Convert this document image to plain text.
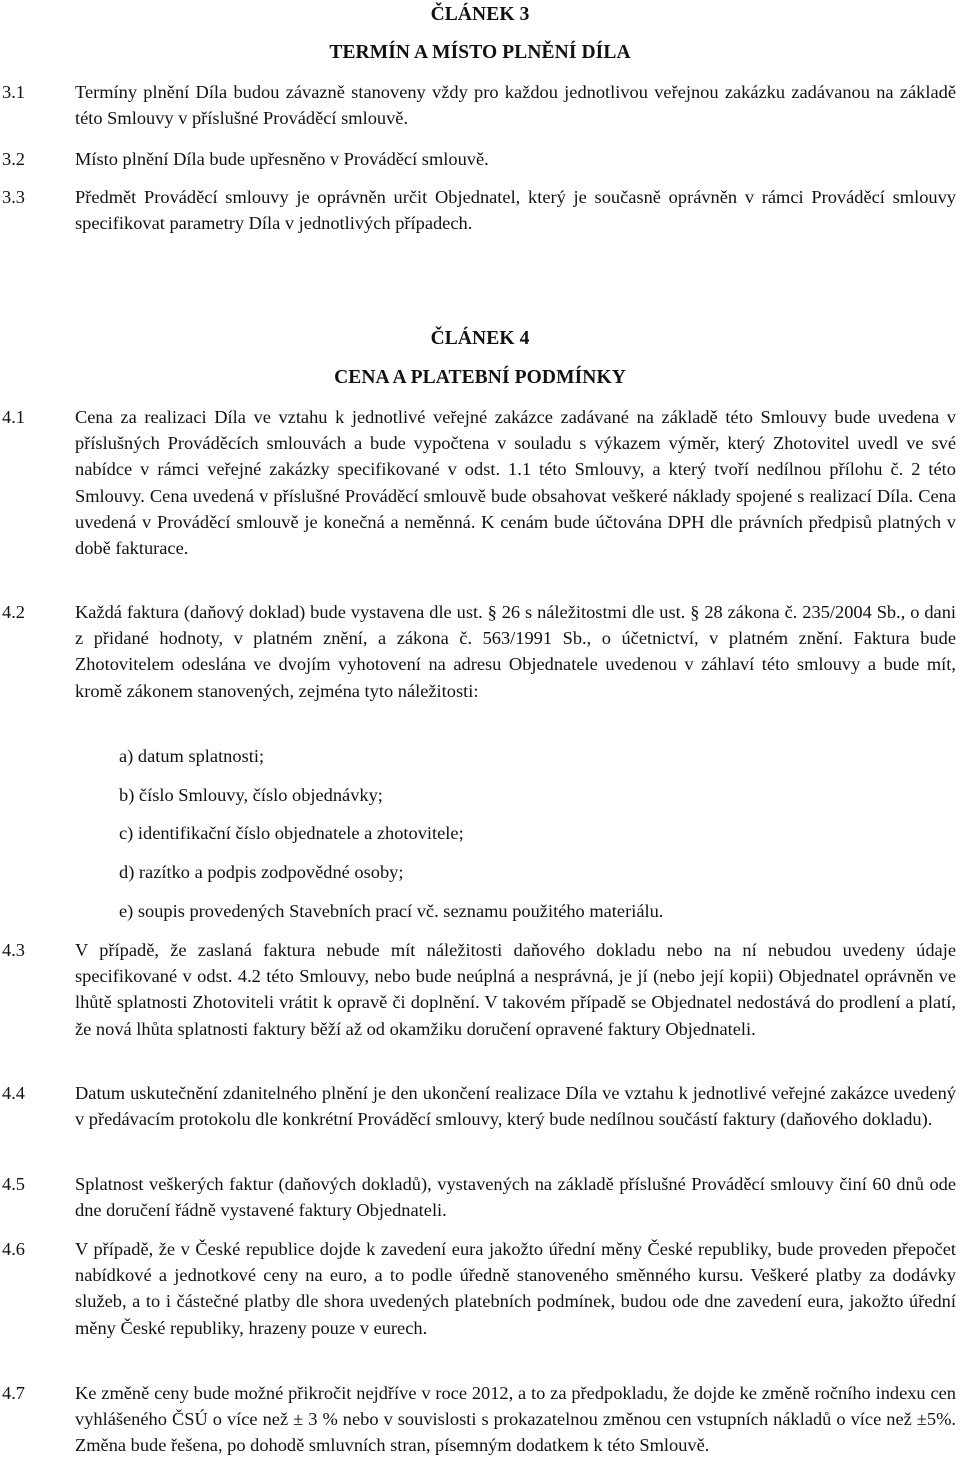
ČLÁNEK 3
TERMÍN A MÍSTO PLNĚNÍ DÍLA
3.1	Termíny plnění Díla budou závazně stanoveny vždy pro každou jednotlivou veřejnou zakázku zadávanou na základě této Smlouvy v příslušné Prováděcí smlouvě.
3.2	Místo plnění Díla bude upřesněno v Prováděcí smlouvě.
3.3	Předmět Prováděcí smlouvy je oprávněn určit Objednatel, který je současně oprávněn v rámci Prováděcí smlouvy specifikovat parametry Díla v jednotlivých případech.
ČLÁNEK 4
CENA A PLATEBNÍ PODMÍNKY
4.1	Cena za realizaci Díla ve vztahu k jednotlivé veřejné zakázce zadávané na základě této Smlouvy bude uvedena v příslušných Prováděcích smlouvách a bude vypočtena v souladu s výkazem výměr, který Zhotovitel uvedl ve své nabídce v rámci veřejné zakázky specifikované v odst. 1.1 této Smlouvy, a který tvoří nedílnou přílohu č. 2 této Smlouvy. Cena uvedená v příslušné Prováděcí smlouvě bude obsahovat veškeré náklady spojené s realizací Díla. Cena uvedená v Prováděcí smlouvě je konečná a neměnná. K cenám bude účtována DPH dle právních předpisů platných v době fakturace.
4.2	Každá faktura (daňový doklad) bude vystavena dle ust. § 26 s náležitostmi dle ust. § 28 zákona č. 235/2004 Sb., o dani z přidané hodnoty, v platném znění, a zákona č. 563/1991 Sb., o účetnictví, v platném znění. Faktura bude Zhotovitelem odeslána ve dvojím vyhotovení na adresu Objednatele uvedenou v záhlaví této smlouvy a bude mít, kromě zákonem stanovených, zejména tyto náležitosti:
a) datum splatnosti;
b) číslo Smlouvy, číslo objednávky;
c) identifikační číslo objednatele a zhotovitele;
d) razítko a podpis zodpovědné osoby;
e) soupis provedených Stavebních prací vč. seznamu použitého materiálu.
4.3	V případě, že zaslaná faktura nebude mít náležitosti daňového dokladu nebo na ní nebudou uvedeny údaje specifikované v odst. 4.2 této Smlouvy, nebo bude neúplná a nesprávná, je jí (nebo její kopii) Objednatel oprávněn ve lhůtě splatnosti Zhotoviteli vrátit k opravě či doplnění. V takovém případě se Objednatel nedostává do prodlení a platí, že nová lhůta splatnosti faktury běží až od okamžiku doručení opravené faktury Objednateli.
4.4	Datum uskutečnění zdanitelného plnění je den ukončení realizace Díla ve vztahu k jednotlivé veřejné zakázce uvedený v předávacím protokolu dle konkrétní Prováděcí smlouvy, který bude nedílnou součástí faktury (daňového dokladu).
4.5	Splatnost veškerých faktur (daňových dokladů), vystavených na základě příslušné Prováděcí smlouvy činí 60 dnů ode dne doručení řádně vystavené faktury Objednateli.
4.6	V případě, že v České republice dojde k zavedení eura jakožto úřední měny České republiky, bude proveden přepočet nabídkové a jednotkové ceny na euro, a to podle úředně stanoveného směnného kursu. Veškeré platby za dodávky služeb, a to i částečné platby dle shora uvedených platebních podmínek, budou ode dne zavedení eura, jakožto úřední měny České republiky, hrazeny pouze v eurech.
4.7	Ke změně ceny bude možné přikročit nejdříve v roce 2012, a to za předpokladu, že dojde ke změně ročního indexu cen vyhlášeného ČSÚ o více než ± 3 % nebo v souvislosti s prokazatelnou změnou cen vstupních nákladů o více než ±5%. Změna bude řešena, po dohodě smluvních stran, písemným dodatkem k této Smlouvě.
